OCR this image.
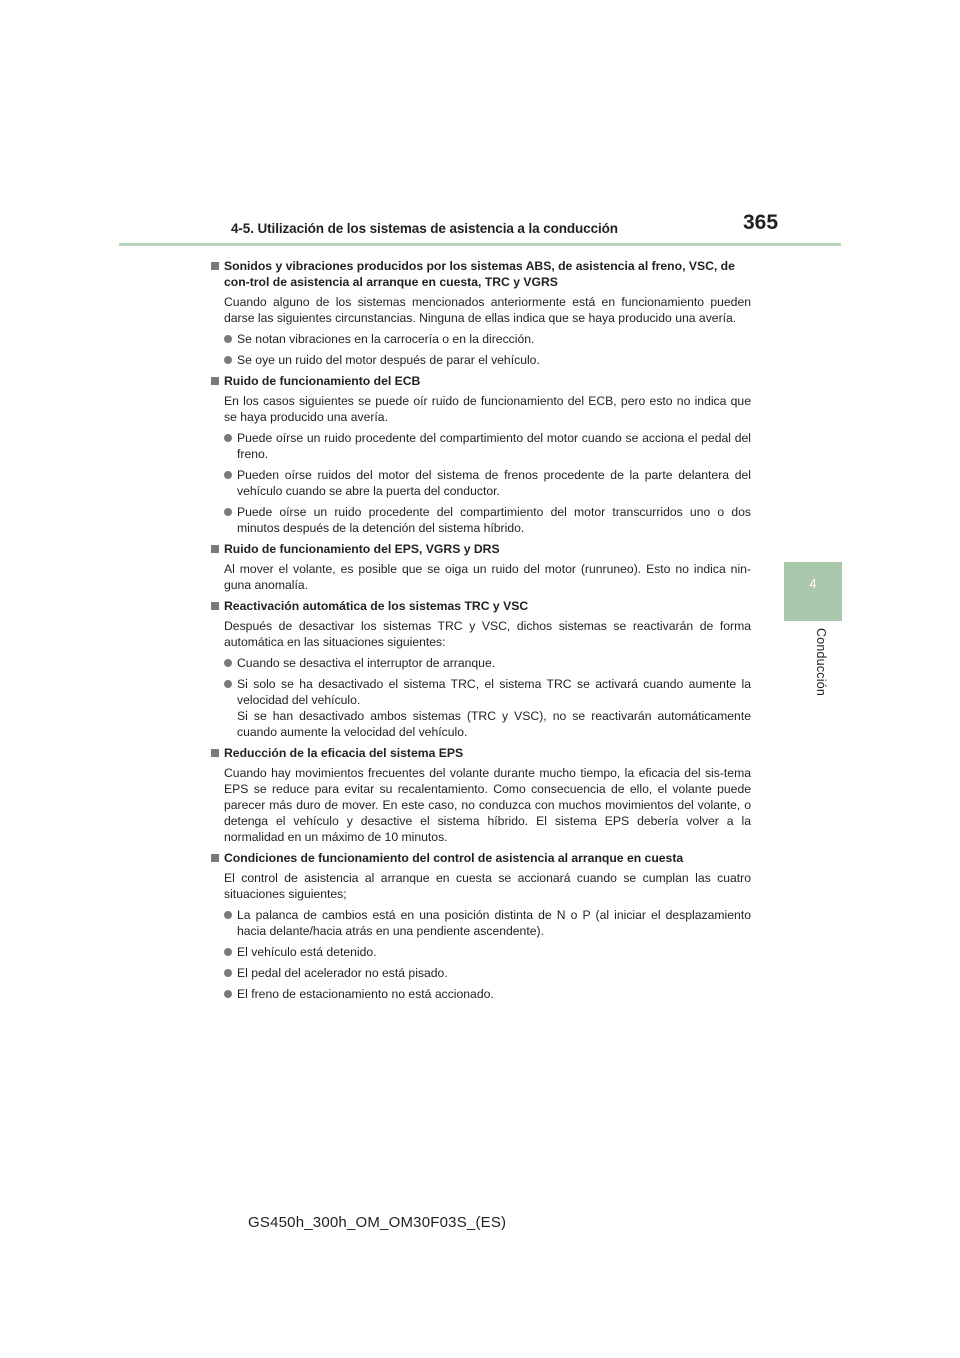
4-5. Utilización de los sistemas de asistencia a la conducción	365
4
Conducción

Sonidos y vibraciones producidos por los sistemas ABS, de asistencia al freno, VSC, de con-trol de asistencia al arranque en cuesta, TRC y VGRS

Cuando alguno de los sistemas mencionados anteriormente está en funcionamiento pueden darse las siguientes circunstancias. Ninguna de ellas indica que se haya producido una avería.

Se notan vibraciones en la carrocería o en la dirección.

Se oye un ruido del motor después de parar el vehículo.

Ruido de funcionamiento del ECB

En los casos siguientes se puede oír ruido de funcionamiento del ECB, pero esto no indica que se haya producido una avería.

Puede oírse un ruido procedente del compartimiento del motor cuando se acciona el pedal del freno.

Pueden oírse ruidos del motor del sistema de frenos procedente de la parte delantera del vehículo cuando se abre la puerta del conductor.

Puede oírse un ruido procedente del compartimiento del motor transcurridos uno o dos minutos después de la detención del sistema híbrido.

Ruido de funcionamiento del EPS, VGRS y DRS

Al mover el volante, es posible que se oiga un ruido del motor (runruneo). Esto no indica nin-guna anomalía.

Reactivación automática de los sistemas TRC y VSC

Después de desactivar los sistemas TRC y VSC, dichos sistemas se reactivarán de forma automática en las situaciones siguientes:

Cuando se desactiva el interruptor de arranque.

Si solo se ha desactivado el sistema TRC, el sistema TRC se activará cuando aumente la velocidad del vehículo.
Si se han desactivado ambos sistemas (TRC y VSC), no se reactivarán automáticamente cuando aumente la velocidad del vehículo.

Reducción de la eficacia del sistema EPS

Cuando hay movimientos frecuentes del volante durante mucho tiempo, la eficacia del sis-tema EPS se reduce para evitar su recalentamiento. Como consecuencia de ello, el volante puede parecer más duro de mover. En este caso, no conduzca con muchos movimientos del volante, o detenga el vehículo y desactive el sistema híbrido. El sistema EPS debería volver a la normalidad en un máximo de 10 minutos.

Condiciones de funcionamiento del control de asistencia al arranque en cuesta

El control de asistencia al arranque en cuesta se accionará cuando se cumplan las cuatro situaciones siguientes;

La palanca de cambios está en una posición distinta de N o P (al iniciar el desplazamiento hacia delante/hacia atrás en una pendiente ascendente).

El vehículo está detenido.

El pedal del acelerador no está pisado.

El freno de estacionamiento no está accionado.

GS450h_300h_OM_OM30F03S_(ES)
